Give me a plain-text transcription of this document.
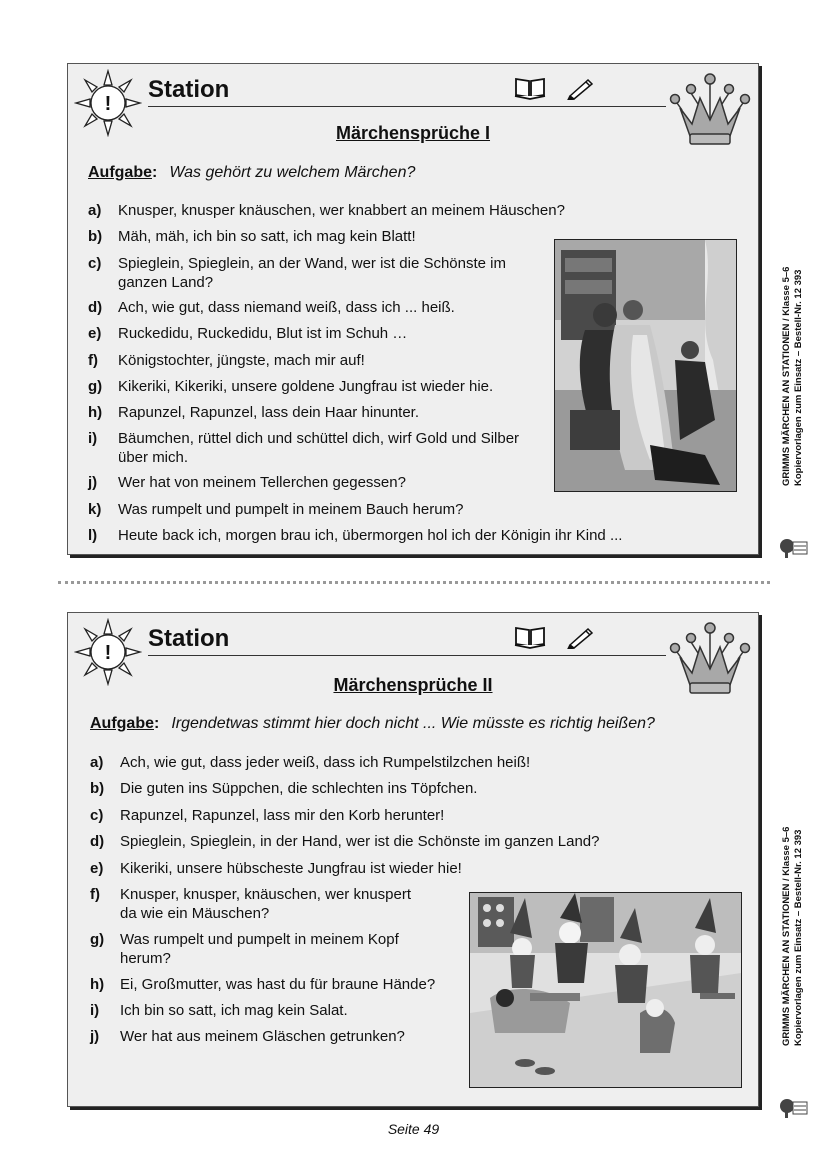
!
Station
Märchensprüche I
Aufgabe: Was gehört zu welchem Märchen?
a) Knusper, knusper knäuschen, wer knabbert an meinem Häuschen?
b) Mäh, mäh, ich bin so satt, ich mag kein Blatt!
c) Spieglein, Spieglein, an der Wand, wer ist die Schönste im
ganzen Land?
d) Ach, wie gut, dass niemand weiß, dass ich ... heiß.
e) Ruckedidu, Ruckedidu, Blut ist im Schuh …
f) Königstochter, jüngste, mach mir auf!
g) Kikeriki, Kikeriki, unsere goldene Jungfrau ist wieder hie.
h) Rapunzel, Rapunzel, lass dein Haar hinunter.
i) Bäumchen, rüttel dich und schüttel dich, wirf Gold und Silber
über mich.
j) Wer hat von meinem Tellerchen gegessen?
k) Was rumpelt und pumpelt in meinem Bauch herum?
l) Heute back ich, morgen brau ich, übermorgen hol ich der Königin ihr Kind ...
!
Station
Märchensprüche II
Aufgabe: Irgendetwas stimmt hier doch nicht ... Wie müsste es richtig heißen?
a) Ach, wie gut, dass jeder weiß, dass ich Rumpelstilzchen heiß!
b) Die guten ins Süppchen, die schlechten ins Töpfchen.
c) Rapunzel, Rapunzel, lass mir den Korb herunter!
d) Spieglein, Spieglein, in der Hand, wer ist die Schönste im ganzen Land?
e) Kikeriki, unsere hübscheste Jungfrau ist wieder hie!
f) Knusper, knusper, knäuschen, wer knuspert
da wie ein Mäuschen?
g) Was rumpelt und pumpelt in meinem Kopf
herum?
h) Ei, Großmutter, was hast du für braune Hände?
i) Ich bin so satt, ich mag kein Salat.
j) Wer hat aus meinem Gläschen getrunken?
GRIMMS MÄRCHEN AN STATIONEN / Klasse 5–6 Kopiervorlagen zum Einsatz – Bestell-Nr. 12 393
GRIMMS MÄRCHEN AN STATIONEN / Klasse 5–6 Kopiervorlagen zum Einsatz – Bestell-Nr. 12 393
Seite 49
